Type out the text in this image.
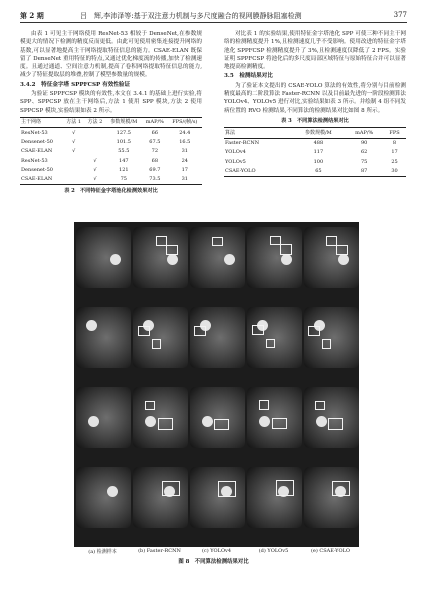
第 2 期	吕　辉,李沛泽等:基于双注意力机制与多尺度融合的视网膜静脉阻塞检测	377

由表 1 可见主干网络使用 ResNet-53 相较于 DenseNet,在参数规模更大的情况下检测的精度反而更低。由此可见使用密集连接提升网络的基数,可以显著地提高主干网络提取特征信息的能力。CSAE-ELAN 既保留了 DenseNet 重用特征的特点,又通过优化梯度流的传播,加快了检测速度。且通过通道、空间注意力机制,提高了卷积网络提取特征信息的能力,减少了特征提取层的堆叠,控制了模型参数量的规模。

3.4.2　特征金字塔 SPPFCSP 有效性验证

为验证 SPPFCSP 模块的有效性,本文在 3.4.1 的基础上进行实验,将 SPP、SPPCSP 放在主干网络后,方法 1 使用 SPP 模块,方法 2 使用 SPPCSP 模块,实验结果如表 2 所示。

主干网络	方法 1	方法 2	参数规模/M	mAP/%	FPS/(帧/s)
ResNet-53	√		127.5	66	24.4
Densenet-50	√		101.5	67.5	16.5
CSAE-ELAN	√		55.5	72	31
ResNet-53		√	147	68	24
Densenet-50		√	121	69.7	17
CSAE-ELAN		√	75	73.5	31
表 2　不同特征金字塔池化检测效果对比

对比表 1 的实验结果,使用特征金字塔池化 SPP 可使三种不同主干网络的检测精度提升 1%,且检测速度几乎不受影响。使用改进的特征金字塔池化 SPPFCSP 检测精度提升了 3%,且检测速度仅降低了 2 FPS。实验证明 SPPFCSP 将池化后的多尺度局部区域特征与原始特征合并可以显著地提高检测精度。

3.5　检测结果对比

为了验证本文提出的 CSAE-YOLO 算法的有效性,将分别与目前检测精度最高的二阶段算法 Faster-RCNN 以及目前最先进的一阶段检测算法 YOLOv4、YOLOv5 进行对比,实验结果如表 3 所示。并绘制 4 组不同发病位置的 RVO 检测结果,不同算法的检测结果对比如图 8 所示。

表 3　不同算法检测结果对比
算法	参数规模/M	mAP/%	FPS
Faster-RCNN	488	90	8
YOLOv4	117	62	17
YOLOv5	100	75	25
CSAE-YOLO	65	87	30
(a) 检测样本	(b) Faster-RCNN	(c) YOLOv4	(d) YOLOv5	(e) CSAE-YOLO
图 8　不同算法检测结果对比
